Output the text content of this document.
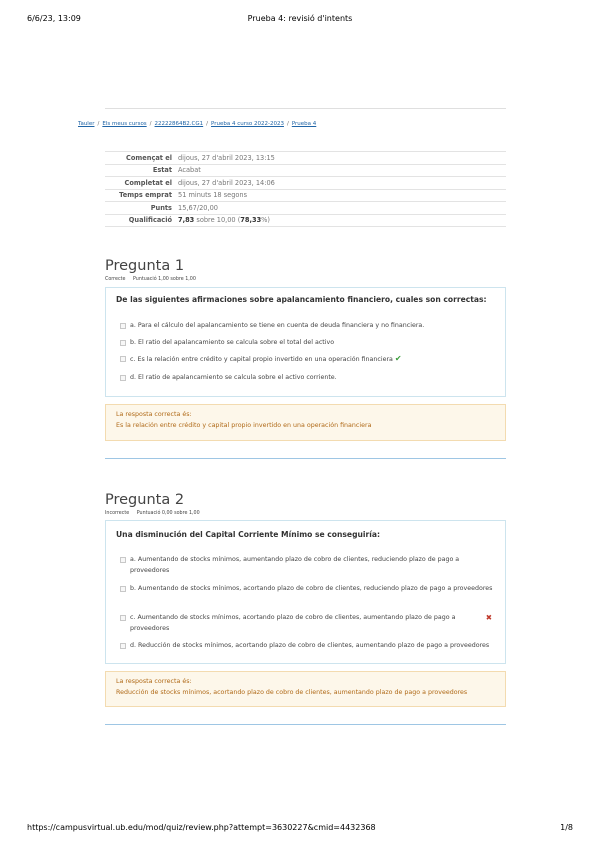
6/6/23, 13:09	Prueba 4: revisió d'intents
Tauler / Els meus cursos / 22222864B2.CG1 / Prueba 4 curso 2022-2023 / Prueba 4
Començat el	dijous, 27 d'abril 2023, 13:15
Estat	Acabat
Completat el	dijous, 27 d'abril 2023, 14:06
Temps emprat	51 minuts 18 segons
Punts	15,67/20,00
Qualificació	7,83 sobre 10,00 (78,33%)
Pregunta 1
Correcte Puntuació 1,00 sobre 1,00
De las siguientes afirmaciones sobre apalancamiento financiero, cuales son correctas:
a. Para el cálculo del apalancamiento se tiene en cuenta de deuda financiera y no financiera.
b. El ratio del apalancamiento se calcula sobre el total del activo
c. Es la relación entre crédito y capital propio invertido en una operación financiera ✔
d. El ratio de apalancamiento se calcula sobre el activo corriente.
La resposta correcta és:
Es la relación entre crédito y capital propio invertido en una operación financiera
Pregunta 2
Incorrecte Puntuació 0,00 sobre 1,00
Una disminución del Capital Corriente Mínimo se conseguiría:
a. Aumentando de stocks mínimos, aumentando plazo de cobro de clientes, reduciendo plazo de pago a proveedores
b. Aumentando de stocks mínimos, acortando plazo de cobro de clientes, reduciendo plazo de pago a proveedores
c. Aumentando de stocks mínimos, acortando plazo de cobro de clientes, aumentando plazo de pago a proveedores
✖
d. Reducción de stocks mínimos, acortando plazo de cobro de clientes, aumentando plazo de pago a proveedores
La resposta correcta és:
Reducción de stocks mínimos, acortando plazo de cobro de clientes, aumentando plazo de pago a proveedores
https://campusvirtual.ub.edu/mod/quiz/review.php?attempt=3630227&cmid=4432368	1/8
